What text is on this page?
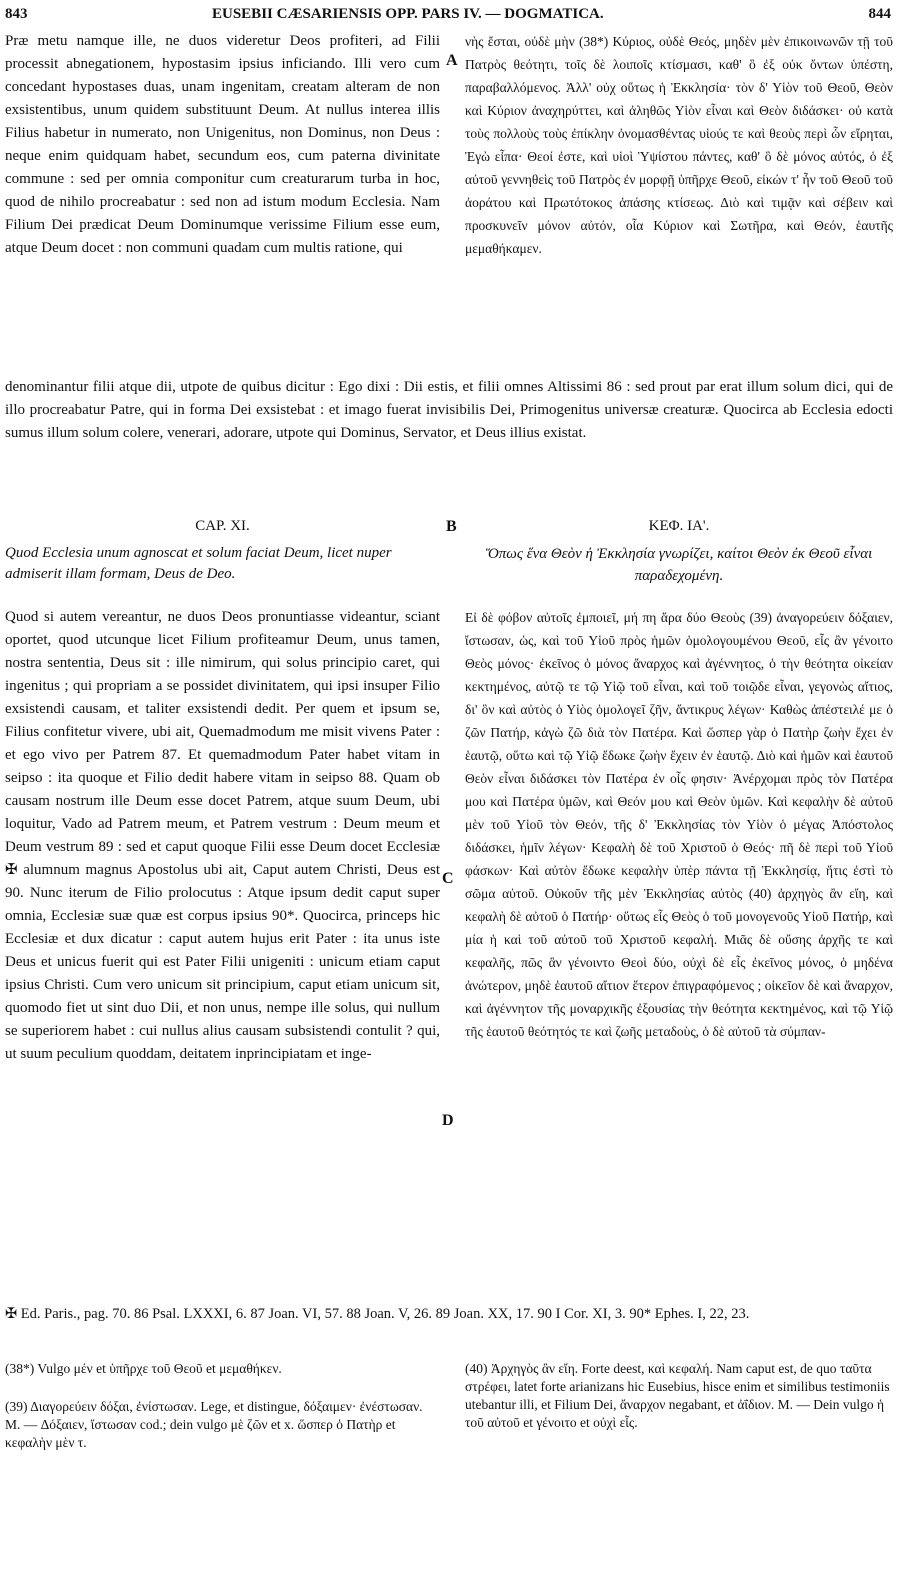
843	EUSEBII CÆSARIENSIS OPP. PARS IV. — DOGMATICA.	844

Præ metu namque ille, ne duos videretur Deos profiteri, ad Filii processit abnegationem, hypostasim ipsius inficiando. Illi vero cum concedant hypostases duas, unam ingenitam, creatam alteram de non exsistentibus, unum quidem substituunt Deum. At nullus interea illis Filius habetur in numerato, non Unigenitus, non Dominus, non Deus : neque enim quidquam habet, secundum eos, cum paterna divinitate commune : sed per omnia componitur cum creaturarum turba in hoc, quod de nihilo procreabatur : sed non ad istum modum Ecclesia. Nam Filium Dei prædicat Deum Dominumque verissime Filium esse eum, atque Deum docet : non communi quadam cum multis ratione, qui

A

νὴς ἔσται, οὐδὲ μὴν (38*) Κύριος, οὐδὲ Θεός, μηδὲν μὲν ἐπικοινωνῶν τῇ τοῦ Πατρὸς θεότητι, τοῖς δὲ λοιποῖς κτίσμασι, καθ' ὃ ἐξ οὐκ ὄντων ὑπέστη, παραβαλλόμενος. Ἀλλ' οὐχ οὕτως ἡ Ἐκκλησία· τὸν δ' Υἱὸν τοῦ Θεοῦ, Θεὸν καὶ Κύριον ἀναχηρύττει, καὶ ἀληθῶς Υἱὸν εἶναι καὶ Θεὸν διδάσκει· οὐ κατὰ τοὺς πολλοὺς τοὺς ἐπίκλην ὀνομασθέντας υἱούς τε καὶ θεοὺς περὶ ὧν εἴρηται, Ἐγὼ εἶπα· Θεοί ἐστε, καὶ υἱοὶ Ὑψίστου πάντες, καθ' ὃ δὲ μόνος αὐτός, ὁ ἐξ αὐτοῦ γεννηθεὶς τοῦ Πατρὸς ἐν μορφῇ ὑπῆρχε Θεοῦ, εἰκών τ' ἦν τοῦ Θεοῦ τοῦ ἀοράτου καὶ Πρωτότοκος ἁπάσης κτίσεως. Διὸ καὶ τιμᾷν καὶ σέβειν καὶ προσκυνεῖν μόνον αὐτόν, οἷα Κύριον καὶ Σωτῆρα, καὶ Θεόν, ἑαυτῆς μεμαθήκαμεν.

denominantur filii atque dii, utpote de quibus dicitur : Ego dixi : Dii estis, et filii omnes Altissimi 86 : sed prout par erat illum solum dici, qui de illo procreabatur Patre, qui in forma Dei exsistebat : et imago fuerat invisibilis Dei, Primogenitus universæ creaturæ. Quocirca ab Ecclesia edocti sumus illum solum colere, venerari, adorare, utpote qui Dominus, Servator, et Deus illius existat.

CAP. XI.	B	ΚΕΦ. ΙΑ'.
Quod Ecclesia unum agnoscat et solum faciat Deum, licet nuper admiserit illam formam, Deus de Deo.
Ὅπως ἕνα Θεὸν ἡ Ἐκκλησία γνωρίζει, καίτοι Θεὸν ἐκ Θεοῦ εἶναι παραδεχομένη.

Quod si autem vereantur, ne duos Deos pronuntiasse videantur, sciant oportet, quod utcunque licet Filium profiteamur Deum, unus tamen, nostra sententia, Deus sit : ille nimirum, qui solus principio caret, qui ingenitus ; qui propriam a se possidet divinitatem, qui ipsi insuper Filio exsistendi causam, et taliter exsistendi dedit. Per quem et ipsum se, Filius confitetur vivere, ubi ait, Quemadmodum me misit vivens Pater : et ego vivo per Patrem 87. Et quemadmodum Pater habet vitam in seipso : ita quoque et Filio dedit habere vitam in seipso 88. Quam ob causam nostrum ille Deum esse docet Patrem, atque suum Deum, ubi loquitur, Vado ad Patrem meum, et Patrem vestrum : Deum meum et Deum vestrum 89 : sed et caput quoque Filii esse Deum docet Ecclesiæ ✠ alumnum magnus Apostolus ubi ait, Caput autem Christi, Deus est 90. Nunc iterum de Filio prolocutus : Atque ipsum dedit caput super omnia, Ecclesiæ suæ quæ est corpus ipsius 90*. Quocirca, princeps hic Ecclesiæ et dux dicatur : caput autem hujus erit Pater : ita unus iste Deus et unicus fuerit qui est Pater Filii unigeniti : unicum etiam caput ipsius Christi. Cum vero unicum sit principium, caput etiam unicum sit, quomodo fiet ut sint duo Dii, et non unus, nempe ille solus, qui nullum se superiorem habet : cui nullus alius causam subsistendi contulit ? qui, ut suum peculium quoddam, deitatem inprincipiatam et inge-

C
D

Εἰ δὲ φόβον αὐτοῖς ἐμποιεῖ, μή πη ἄρα δύο Θεοὺς (39) ἀναγορεύειν δόξαιεν, ἴστωσαν, ὡς, καὶ τοῦ Υἱοῦ πρὸς ἡμῶν ὁμολογουμένου Θεοῦ, εἷς ἂν γένοιτο Θεὸς μόνος· ἐκεῖνος ὁ μόνος ἄναρχος καὶ ἀγέννητος, ὁ τὴν θεότητα οἰκείαν κεκτημένος, αὐτῷ τε τῷ Υἱῷ τοῦ εἶναι, καὶ τοῦ τοιῷδε εἶναι, γεγονὼς αἴτιος, δι' ὃν καὶ αὐτὸς ὁ Υἱὸς ὁμολογεῖ ζῆν, ἄντικρυς λέγων· Καθὼς ἀπέστειλέ με ὁ ζῶν Πατήρ, κἀγὼ ζῶ διὰ τὸν Πατέρα. Καὶ ὥσπερ γὰρ ὁ Πατὴρ ζωὴν ἔχει ἐν ἑαυτῷ, οὕτω καὶ τῷ Υἱῷ ἔδωκε ζωὴν ἔχειν ἐν ἑαυτῷ. Διὸ καὶ ἡμῶν καὶ ἑαυτοῦ Θεὸν εἶναι διδάσκει τὸν Πατέρα ἐν οἷς φησιν· Ἀνέρχομαι πρὸς τὸν Πατέρα μου καὶ Πατέρα ὑμῶν, καὶ Θεόν μου καὶ Θεὸν ὑμῶν. Καὶ κεφαλὴν δὲ αὐτοῦ μὲν τοῦ Υἱοῦ τὸν Θεόν, τῆς δ' Ἐκκλησίας τὸν Υἱὸν ὁ μέγας Ἀπόστολος διδάσκει, ἡμῖν λέγων· Κεφαλὴ δὲ τοῦ Χριστοῦ ὁ Θεός· πῆ δὲ περὶ τοῦ Υἱοῦ φάσκων· Καὶ αὐτὸν ἔδωκε κεφαλὴν ὑπὲρ πάντα τῇ Ἐκκλησίᾳ, ἥτις ἐστὶ τὸ σῶμα αὐτοῦ. Οὐκοῦν τῆς μὲν Ἐκκλησίας αὐτὸς (40) ἀρχηγὸς ἂν εἴη, καὶ κεφαλὴ δὲ αὐτοῦ ὁ Πατήρ· οὕτως εἷς Θεὸς ὁ τοῦ μονογενοῦς Υἱοῦ Πατήρ, καὶ μία ἡ καὶ τοῦ αὐτοῦ τοῦ Χριστοῦ κεφαλή. Μιᾶς δὲ οὔσης ἀρχῆς τε καὶ κεφαλῆς, πῶς ἂν γένοιντο Θεοὶ δύο, οὐχὶ δὲ εἷς ἐκεῖνος μόνος, ὁ μηδένα ἀνώτερον, μηδὲ ἑαυτοῦ αἴτιον ἕτερον ἐπιγραφόμενος ; οἰκεῖον δὲ καὶ ἄναρχον, καὶ ἀγέννητον τῆς μοναρχικῆς ἐξουσίας τὴν θεότητα κεκτημένος, καὶ τῷ Υἱῷ τῆς ἑαυτοῦ θεότητός τε καὶ ζωῆς μεταδοὺς, ὁ δὲ αὐτοῦ τὰ σύμπαν-

✠ Ed. Paris., pag. 70. 86 Psal. LXXXI, 6. 87 Joan. VI, 57. 88 Joan. V, 26. 89 Joan. XX, 17. 90 I Cor. XI, 3. 90* Ephes. I, 22, 23.
(38*) Vulgo μέν et ὑπῆρχε τοῦ Θεοῦ et μεμαθήκεν.
(39) Διαγορεύειν δόξαι, ἐνίστωσαν. Lege, et distingue, δόξαιμεν· ἐνέστωσαν. M. — Δόξαιεν, ἴστωσαν cod.; dein vulgo μὲ ζῶν et x. ὥσπερ ὁ Πατὴρ et κεφαλὴν μὲν τ.
(40) Ἀρχηγὸς ἂν εἴη. Forte deest, καὶ κεφαλή. Nam caput est, de quo ταῦτα στρέφει, latet forte arianizans hic Eusebius, hisce enim et similibus testimoniis utebantur illi, et Filium Dei, ἄναρχον negabant, et ἀΐδιον. M. — Dein vulgo ἡ τοῦ αὐτοῦ et γένοιτο et οὐχὶ εἷς.
